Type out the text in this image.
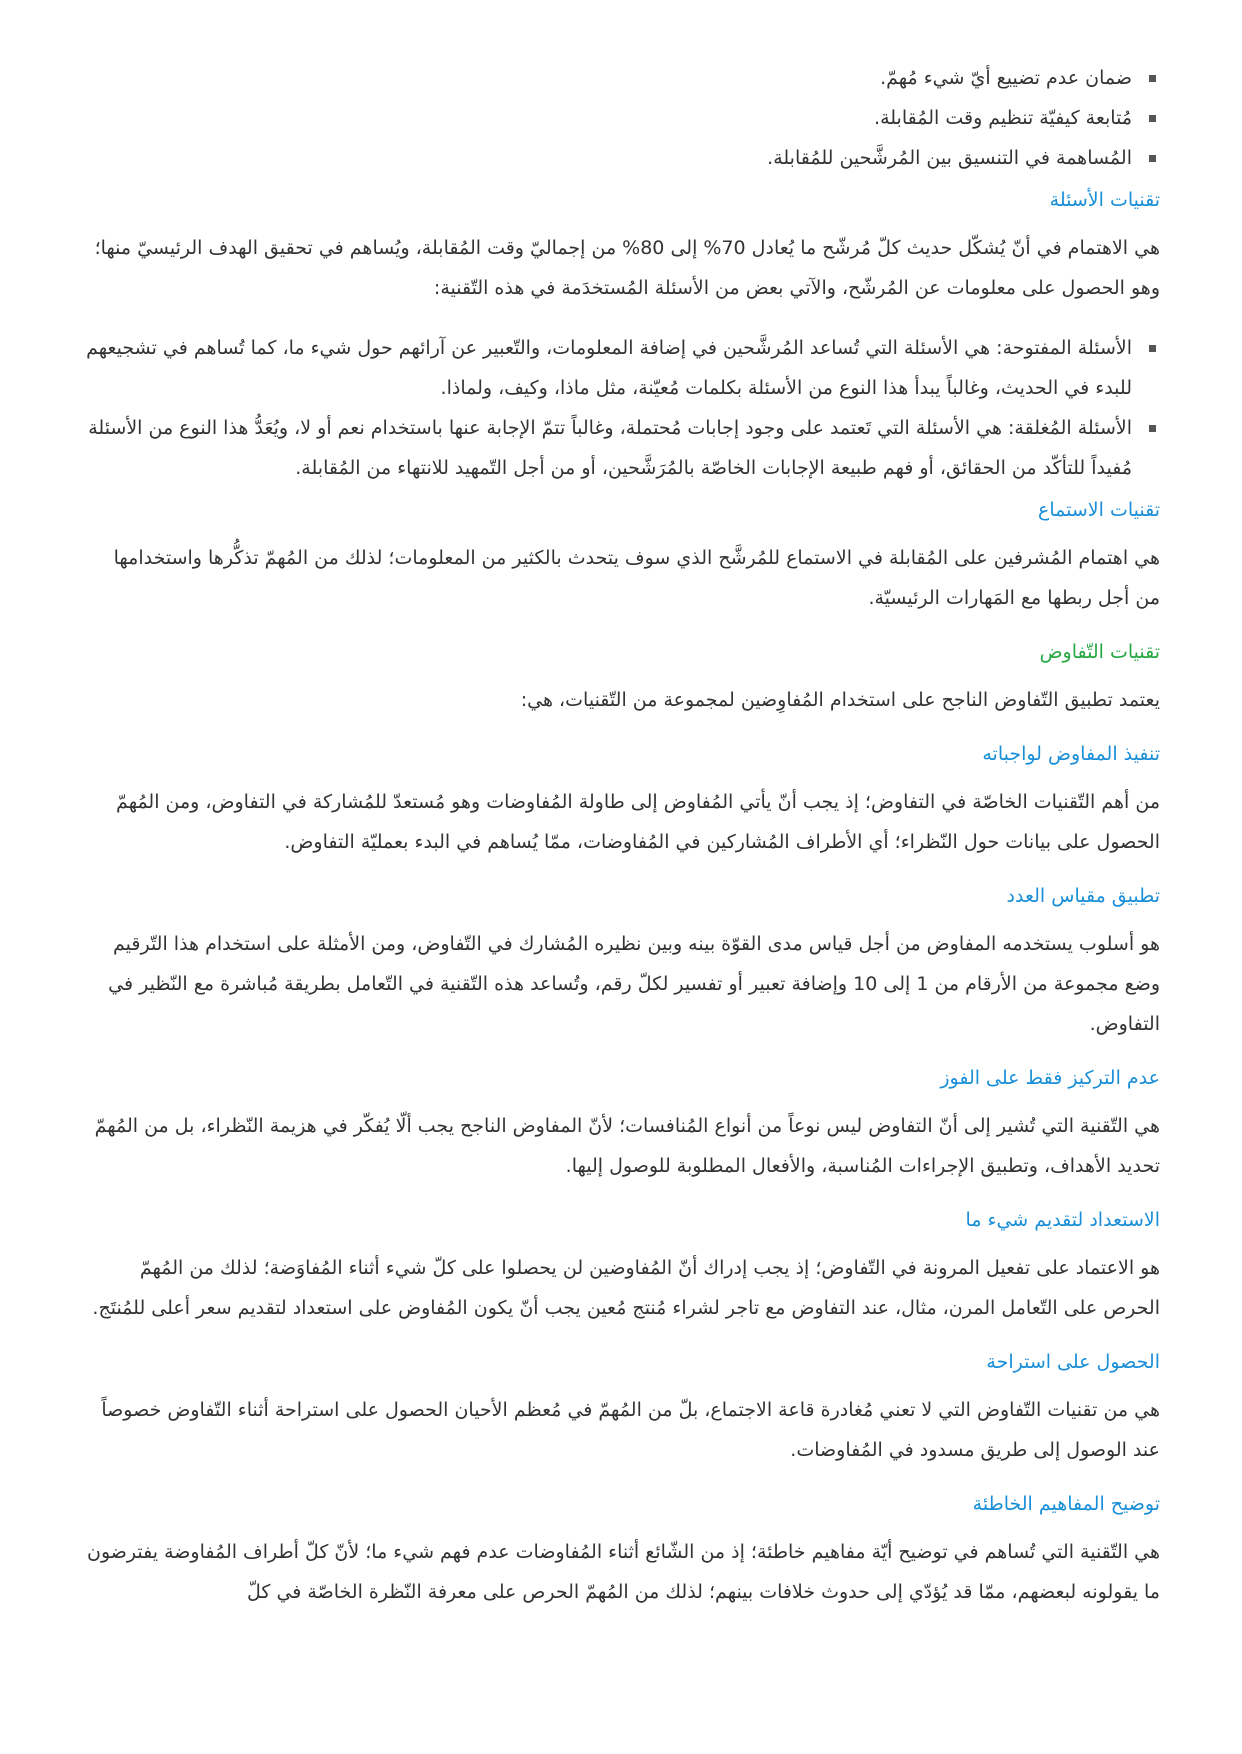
ضمان عدم تضييع أيّ شيء مُهمّ.
مُتابعة كيفيّة تنظيم وقت المُقابلة.
المُساهمة في التنسيق بين المُرشَّحين للمُقابلة.
تقنيات الأسئلة

هي الاهتمام في أنّ يُشكّل حديث كلّ مُرشّح ما يُعادل 70% إلى 80% من إجماليّ وقت المُقابلة، ويُساهم في تحقيق الهدف الرئيسيّ منها؛ وهو الحصول على معلومات عن المُرشّح، والآتي بعض من الأسئلة المُستخدَمة في هذه التّقنية:

الأسئلة المفتوحة: هي الأسئلة التي تُساعد المُرشَّحين في إضافة المعلومات، والتّعبير عن آرائهم حول شيء ما، كما تُساهم في تشجيعهم للبدء في الحديث، وغالباً يبدأ هذا النوع من الأسئلة بكلمات مُعيّنة، مثل ماذا، وكيف، ولماذا.
الأسئلة المُغلقة: هي الأسئلة التي تَعتمد على وجود إجابات مُحتملة، وغالباً تتمّ الإجابة عنها باستخدام نعم أو لا، ويُعَدُّ هذا النوع من الأسئلة مُفيداً للتأكّد من الحقائق، أو فهم طبيعة الإجابات الخاصّة بالمُرَشَّحين، أو من أجل التّمهيد للانتهاء من المُقابلة.
تقنيات الاستماع

هي اهتمام المُشرفين على المُقابلة في الاستماع للمُرشَّح الذي سوف يتحدث بالكثير من المعلومات؛ لذلك من المُهمّ تذكُّرها واستخدامها من أجل ربطها مع المَهارات الرئيسيّة.

تقنيات التّفاوض

يعتمد تطبيق التّفاوض الناجح على استخدام المُفاوِضين لمجموعة من التّقنيات، هي:

تنفيذ المفاوض لواجباته

من أهم التّقنيات الخاصّة في التفاوض؛ إذ يجب أنّ يأتي المُفاوض إلى طاولة المُفاوضات وهو مُستعدّ للمُشاركة في التفاوض، ومن المُهمّ الحصول على بيانات حول النّظراء؛ أي الأطراف المُشاركين في المُفاوضات، ممّا يُساهم في البدء بعمليّة التفاوض.

تطبيق مقياس العدد

هو أسلوب يستخدمه المفاوض من أجل قياس مدى القوّة بينه وبين نظيره المُشارك في التّفاوض، ومن الأمثلة على استخدام هذا التّرقيم وضع مجموعة من الأرقام من 1 إلى 10 وإضافة تعبير أو تفسير لكلّ رقم، وتُساعد هذه التّقنية في التّعامل بطريقة مُباشرة مع النّظير في التفاوض.

عدم التركيز فقط على الفوز

هي التّقنية التي تُشير إلى أنّ التفاوض ليس نوعاً من أنواع المُنافسات؛ لأنّ المفاوض الناجح يجب ألّا يُفكّر في هزيمة النّظراء، بل من المُهمّ تحديد الأهداف، وتطبيق الإجراءات المُناسبة، والأفعال المطلوبة للوصول إليها.

الاستعداد لتقديم شيء ما

هو الاعتماد على تفعيل المرونة في التّفاوض؛ إذ يجب إدراك أنّ المُفاوضين لن يحصلوا على كلّ شيء أثناء المُفاوَضة؛ لذلك من المُهمّ الحرص على التّعامل المرن، مثال، عند التفاوض مع تاجر لشراء مُنتج مُعين يجب أنّ يكون المُفاوض على استعداد لتقديم سعر أعلى للمُنتَج.

الحصول على استراحة

هي من تقنيات التّفاوض التي لا تعني مُغادرة قاعة الاجتماع، بلّ من المُهمّ في مُعظم الأحيان الحصول على استراحة أثناء التّفاوض خصوصاً عند الوصول إلى طريق مسدود في المُفاوضات.

توضيح المفاهيم الخاطئة

هي التّقنية التي تُساهم في توضيح أيّة مفاهيم خاطئة؛ إذ من الشّائع أثناء المُفاوضات عدم فهم شيء ما؛ لأنّ كلّ أطراف المُفاوضة يفترضون ما يقولونه لبعضهم، ممّا قد يُؤدّي إلى حدوث خلافات بينهم؛ لذلك من المُهمّ الحرص على معرفة النّظرة الخاصّة في كلّ
